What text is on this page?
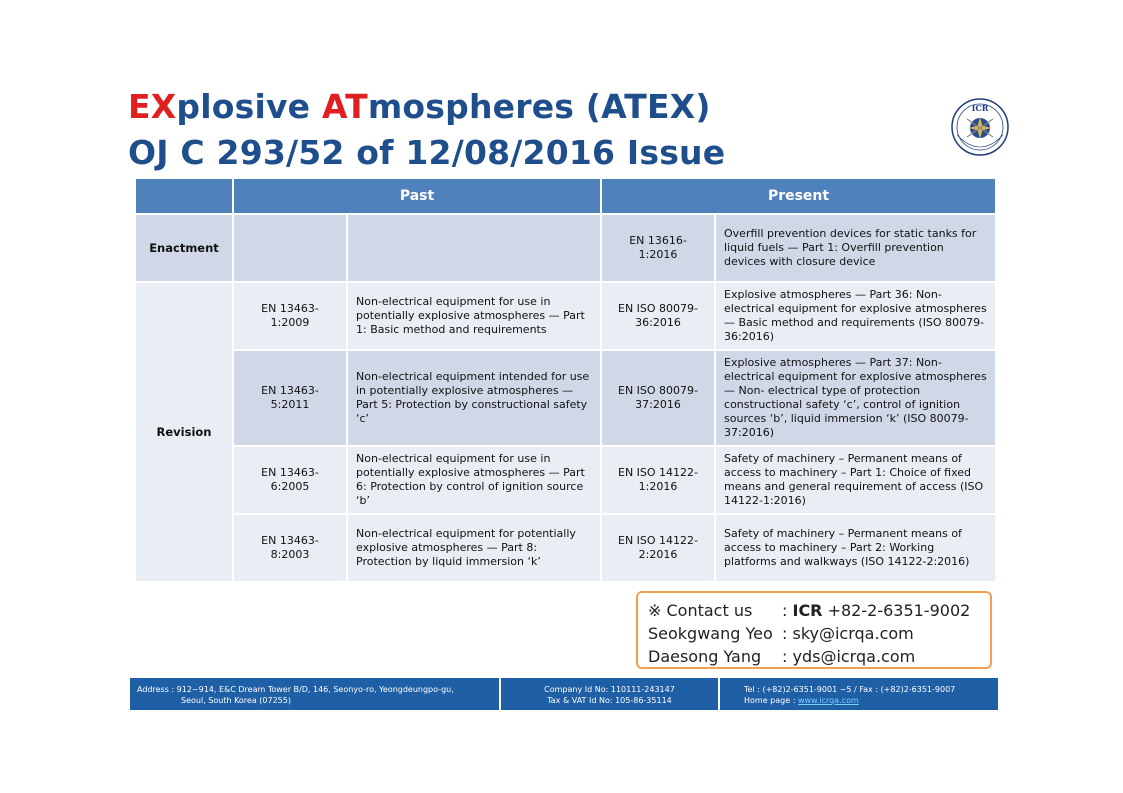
EXplosive ATmospheres (ATEX)
OJ C 293/52 of 12/08/2016 Issue
ICR
	Past		Present	
Enactment			EN 13616-1:2016	Overfill prevention devices for static tanks for liquid fuels — Part 1: Overfill prevention devices with closure device
Revision	EN 13463-1:2009	Non-electrical equipment for use in potentially explosive atmospheres — Part 1: Basic method and requirements	EN ISO 80079-36:2016	Explosive atmospheres — Part 36: Non-electrical equipment for explosive atmospheres — Basic method and requirements (ISO 80079-36:2016)
	EN 13463-5:2011	Non-electrical equipment intended for use in potentially explosive atmospheres — Part 5: Protection by constructional safety ‘c’	EN ISO 80079-37:2016	Explosive atmospheres — Part 37: Non-electrical equipment for explosive atmospheres — Non- electrical type of protection constructional safety ‘c’, control of ignition sources ‘b’, liquid immersion ‘k’ (ISO 80079-37:2016)
	EN 13463-6:2005	Non-electrical equipment for use in potentially explosive atmospheres — Part 6: Protection by control of ignition source ‘b’	EN ISO 14122-1:2016	Safety of machinery – Permanent means of access to machinery – Part 1: Choice of fixed means and general requirement of access (ISO 14122-1:2016)
	EN 13463-8:2003	Non-electrical equipment for potentially explosive atmospheres — Part 8: Protection by liquid immersion ‘k’	EN ISO 14122-2:2016	Safety of machinery – Permanent means of access to machinery – Part 2: Working platforms and walkways (ISO 14122-2:2016)
※ Contact us : ICR +82-2-6351-9002
Seokgwang Yeo : sky@icrqa.com
Daesong Yang : yds@icrqa.com
Address : 912~914, E&C Dream Tower B/D, 146, Seonyo-ro, Yeongdeungpo-gu,
Seoul, South Korea (07255)
Company Id No: 110111-243147
Tax & VAT Id No: 105-86-35114
Tel : (+82)2-6351-9001 ~5 / Fax : (+82)2-6351-9007
Home page : www.icrqa.com
